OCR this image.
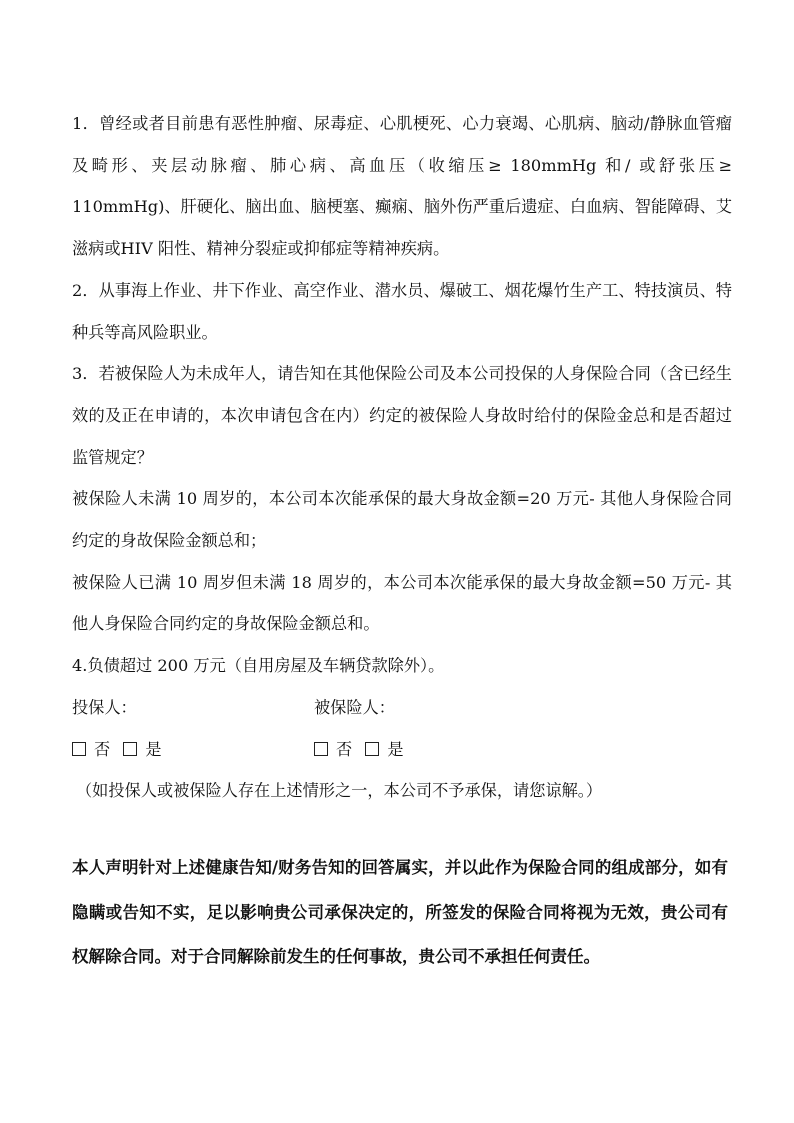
1．曾经或者目前患有恶性肿瘤、尿毒症、心肌梗死、心力衰竭、心肌病、脑动/静脉血管瘤及畸形、夹层动脉瘤、肺心病、高血压（收缩压≥ 180mmHg 和/ 或舒张压≥ 110mmHg)、肝硬化、脑出血、脑梗塞、癫痫、脑外伤严重后遗症、白血病、智能障碍、艾滋病或HIV 阳性、精神分裂症或抑郁症等精神疾病。

2．从事海上作业、井下作业、高空作业、潜水员、爆破工、烟花爆竹生产工、特技演员、特种兵等高风险职业。

3．若被保险人为未成年人，请告知在其他保险公司及本公司投保的人身保险合同（含已经生效的及正在申请的，本次申请包含在内）约定的被保险人身故时给付的保险金总和是否超过监管规定？

被保险人未满 10 周岁的，本公司本次能承保的最大身故金额=20 万元- 其他人身保险合同约定的身故保险金额总和；

被保险人已满 10 周岁但未满 18 周岁的，本公司本次能承保的最大身故金额=50 万元- 其他人身保险合同约定的身故保险金额总和。

4.负债超过 200 万元（自用房屋及车辆贷款除外）。

投保人：	被保险人：
否 是	否 是

（如投保人或被保险人存在上述情形之一，本公司不予承保，请您谅解。）

本人声明针对上述健康告知/财务告知的回答属实，并以此作为保险合同的组成部分，如有隐瞒或告知不实，足以影响贵公司承保决定的，所签发的保险合同将视为无效，贵公司有权解除合同。对于合同解除前发生的任何事故，贵公司不承担任何责任。
